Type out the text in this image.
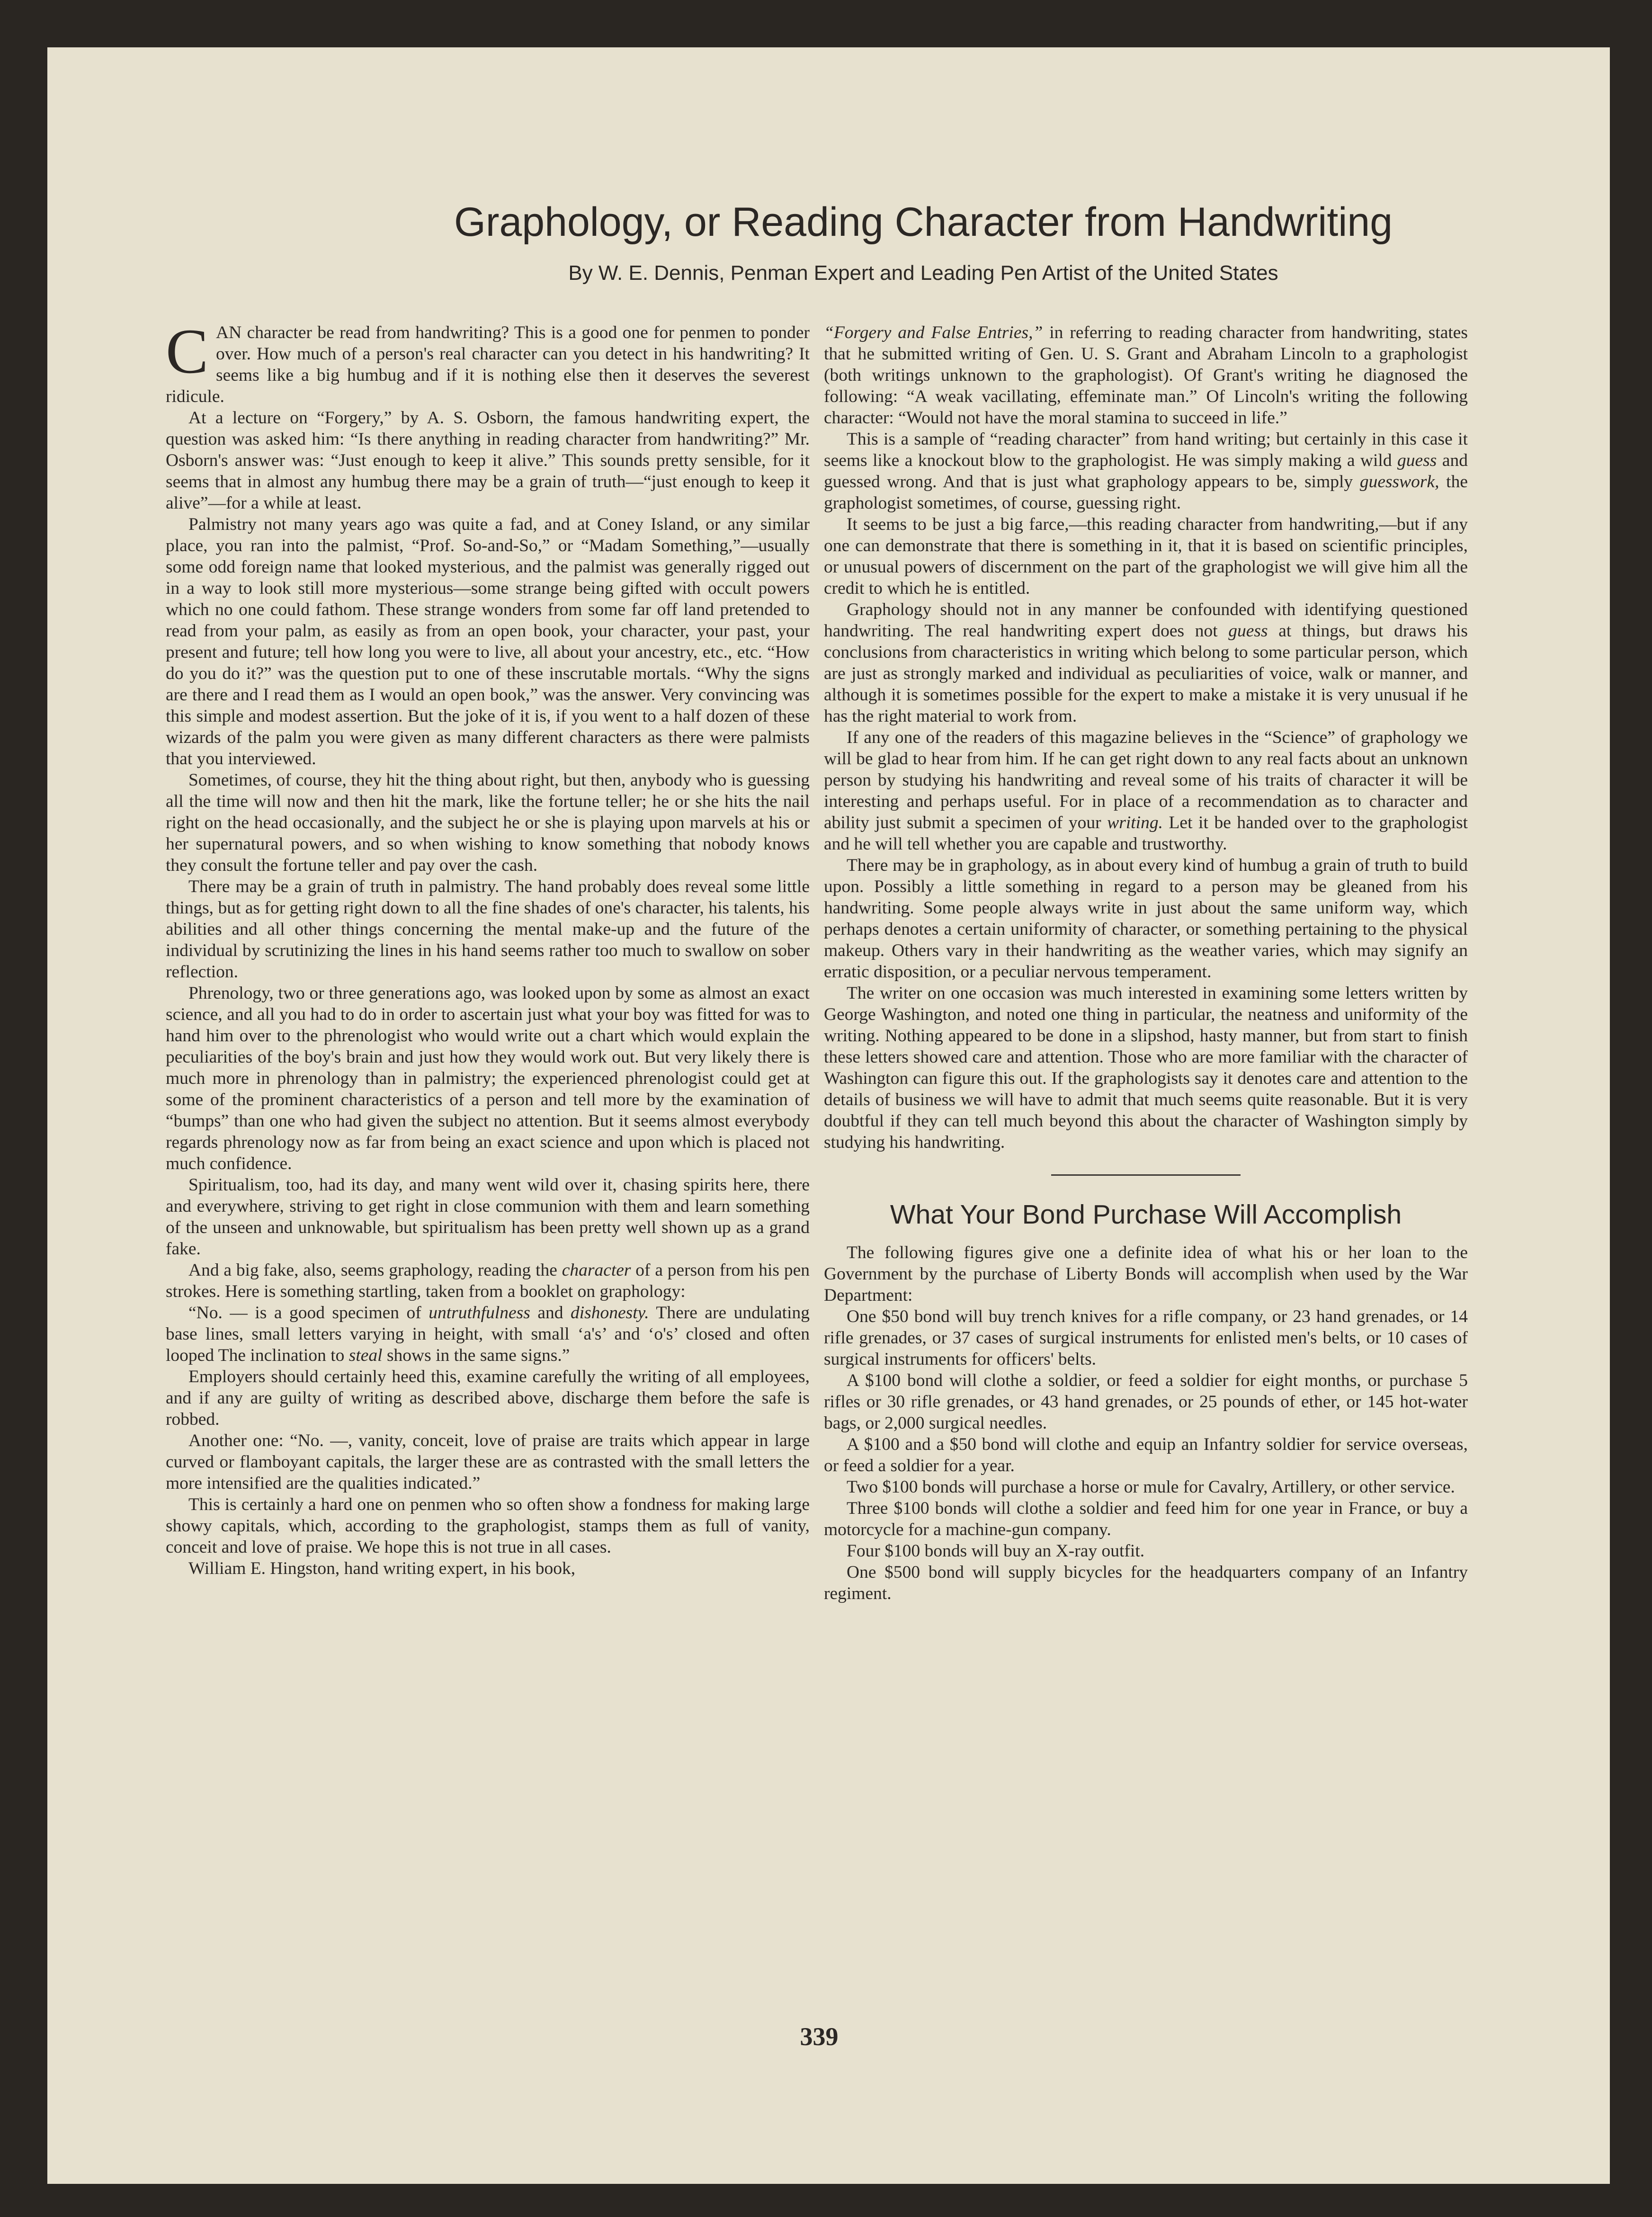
Graphology, or Reading Character from Handwriting
By W. E. Dennis, Penman Expert and Leading Pen Artist of the United States

CAN character be read from handwriting? This is a good one for penmen to ponder over. How much of a person's real character can you detect in his handwriting? It seems like a big humbug and if it is nothing else then it deserves the severest ridicule.

At a lecture on “Forgery,” by A. S. Osborn, the famous handwriting expert, the question was asked him: “Is there anything in reading character from handwriting?” Mr. Osborn's answer was: “Just enough to keep it alive.” This sounds pretty sensible, for it seems that in almost any humbug there may be a grain of truth—“just enough to keep it alive”—for a while at least.

Palmistry not many years ago was quite a fad, and at Coney Island, or any similar place, you ran into the palmist, “Prof. So-and-So,” or “Madam Something,”—usually some odd foreign name that looked mysterious, and the palmist was generally rigged out in a way to look still more mysterious—some strange being gifted with occult powers which no one could fathom. These strange wonders from some far off land pretended to read from your palm, as easily as from an open book, your character, your past, your present and future; tell how long you were to live, all about your ancestry, etc., etc. “How do you do it?” was the question put to one of these inscrutable mortals. “Why the signs are there and I read them as I would an open book,” was the answer. Very convincing was this simple and modest assertion. But the joke of it is, if you went to a half dozen of these wizards of the palm you were given as many different characters as there were palmists that you interviewed.

Sometimes, of course, they hit the thing about right, but then, anybody who is guessing all the time will now and then hit the mark, like the fortune teller; he or she hits the nail right on the head occasionally, and the subject he or she is playing upon marvels at his or her supernatural powers, and so when wishing to know something that nobody knows they consult the fortune teller and pay over the cash.

There may be a grain of truth in palmistry. The hand probably does reveal some little things, but as for getting right down to all the fine shades of one's character, his talents, his abilities and all other things concerning the mental make-up and the future of the individual by scrutinizing the lines in his hand seems rather too much to swallow on sober reflection.

Phrenology, two or three generations ago, was looked upon by some as almost an exact science, and all you had to do in order to ascertain just what your boy was fitted for was to hand him over to the phrenologist who would write out a chart which would explain the peculiarities of the boy's brain and just how they would work out. But very likely there is much more in phrenology than in palmistry; the experienced phrenologist could get at some of the prominent characteristics of a person and tell more by the examination of “bumps” than one who had given the subject no attention. But it seems almost everybody regards phrenology now as far from being an exact science and upon which is placed not much confidence.

Spiritualism, too, had its day, and many went wild over it, chasing spirits here, there and everywhere, striving to get right in close communion with them and learn something of the unseen and unknowable, but spiritualism has been pretty well shown up as a grand fake.

And a big fake, also, seems graphology, reading the character of a person from his pen strokes. Here is something startling, taken from a booklet on graphology:

“No. — is a good specimen of untruthfulness and dishonesty. There are undulating base lines, small letters varying in height, with small ‘a's’ and ‘o's’ closed and often looped The inclination to steal shows in the same signs.”

Employers should certainly heed this, examine carefully the writing of all employees, and if any are guilty of writing as described above, discharge them before the safe is robbed.

Another one: “No. —, vanity, conceit, love of praise are traits which appear in large curved or flamboyant capitals, the larger these are as contrasted with the small letters the more intensified are the qualities indicated.”

This is certainly a hard one on penmen who so often show a fondness for making large showy capitals, which, according to the graphologist, stamps them as full of vanity, conceit and love of praise. We hope this is not true in all cases.

William E. Hingston, hand writing expert, in his book,

“Forgery and False Entries,” in referring to reading character from handwriting, states that he submitted writing of Gen. U. S. Grant and Abraham Lincoln to a graphologist (both writings unknown to the graphologist). Of Grant's writing he diagnosed the following: “A weak vacillating, effeminate man.” Of Lincoln's writing the following character: “Would not have the moral stamina to succeed in life.”

This is a sample of “reading character” from hand writing; but certainly in this case it seems like a knockout blow to the graphologist. He was simply making a wild guess and guessed wrong. And that is just what graphology appears to be, simply guesswork, the graphologist sometimes, of course, guessing right.

It seems to be just a big farce,—this reading character from handwriting,—but if any one can demonstrate that there is something in it, that it is based on scientific principles, or unusual powers of discernment on the part of the graphologist we will give him all the credit to which he is entitled.

Graphology should not in any manner be confounded with identifying questioned handwriting. The real handwriting expert does not guess at things, but draws his conclusions from characteristics in writing which belong to some particular person, which are just as strongly marked and individual as peculiarities of voice, walk or manner, and although it is sometimes possible for the expert to make a mistake it is very unusual if he has the right material to work from.

If any one of the readers of this magazine believes in the “Science” of graphology we will be glad to hear from him. If he can get right down to any real facts about an unknown person by studying his handwriting and reveal some of his traits of character it will be interesting and perhaps useful. For in place of a recommendation as to character and ability just submit a specimen of your writing. Let it be handed over to the graphologist and he will tell whether you are capable and trustworthy.

There may be in graphology, as in about every kind of humbug a grain of truth to build upon. Possibly a little something in regard to a person may be gleaned from his handwriting. Some people always write in just about the same uniform way, which perhaps denotes a certain uniformity of character, or something pertaining to the physical makeup. Others vary in their handwriting as the weather varies, which may signify an erratic disposition, or a peculiar nervous temperament.

The writer on one occasion was much interested in examining some letters written by George Washington, and noted one thing in particular, the neatness and uniformity of the writing. Nothing appeared to be done in a slipshod, hasty manner, but from start to finish these letters showed care and attention. Those who are more familiar with the character of Washington can figure this out. If the graphologists say it denotes care and attention to the details of business we will have to admit that much seems quite reasonable. But it is very doubtful if they can tell much beyond this about the character of Washington simply by studying his handwriting.

What Your Bond Purchase Will Accomplish

The following figures give one a definite idea of what his or her loan to the Government by the purchase of Liberty Bonds will accomplish when used by the War Department:

One $50 bond will buy trench knives for a rifle company, or 23 hand grenades, or 14 rifle grenades, or 37 cases of surgical instruments for enlisted men's belts, or 10 cases of surgical instruments for officers' belts.

A $100 bond will clothe a soldier, or feed a soldier for eight months, or purchase 5 rifles or 30 rifle grenades, or 43 hand grenades, or 25 pounds of ether, or 145 hot-water bags, or 2,000 surgical needles.

A $100 and a $50 bond will clothe and equip an Infantry soldier for service overseas, or feed a soldier for a year.

Two $100 bonds will purchase a horse or mule for Cavalry, Artillery, or other service.

Three $100 bonds will clothe a soldier and feed him for one year in France, or buy a motorcycle for a machine-gun company.

Four $100 bonds will buy an X-ray outfit.

One $500 bond will supply bicycles for the headquarters company of an Infantry regiment.

339
